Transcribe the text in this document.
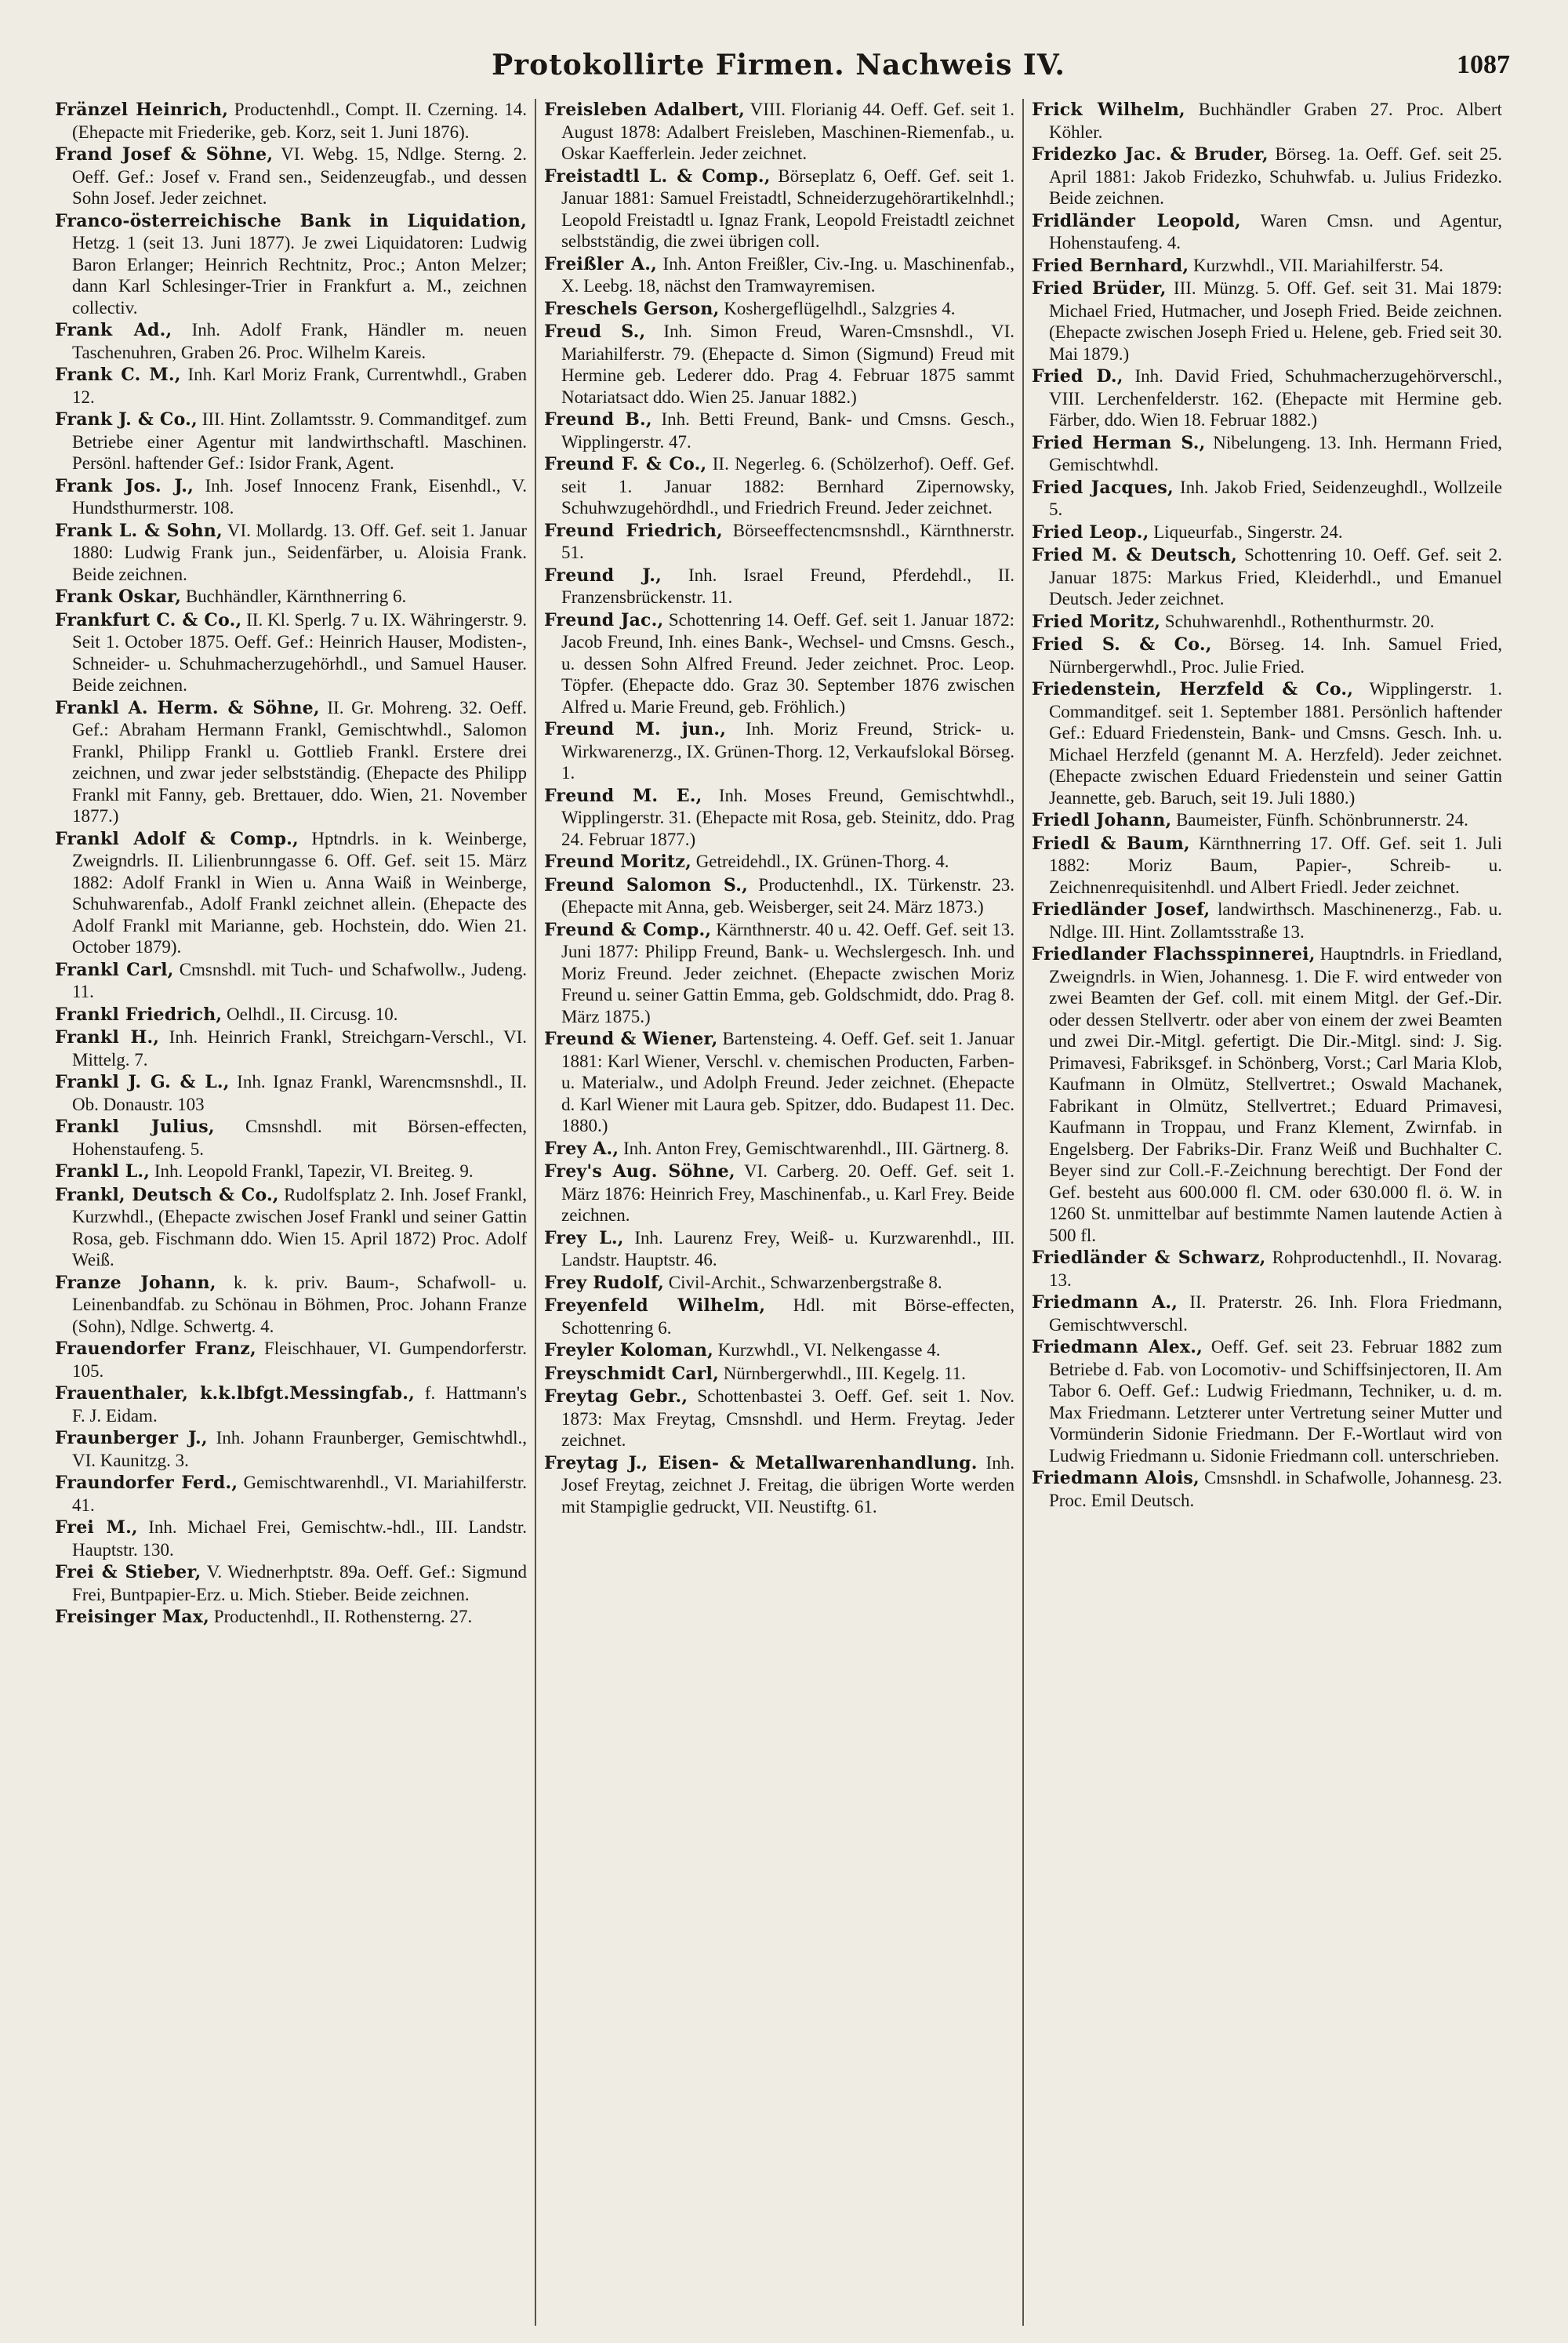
Protokollirte Firmen. Nachweis IV.	1087

Fränzel Heinrich, Productenhdl., Compt. II. Czerning. 14. (Ehepacte mit Friederike, geb. Korz, seit 1. Juni 1876).

Frand Josef & Söhne, VI. Webg. 15, Ndlge. Sterng. 2. Oeff. Gef.: Josef v. Frand sen., Seidenzeugfab., und dessen Sohn Josef. Jeder zeichnet.

Franco-österreichische Bank in Liquidation, Hetzg. 1 (seit 13. Juni 1877). Je zwei Liquidatoren: Ludwig Baron Erlanger; Heinrich Rechtnitz, Proc.; Anton Melzer; dann Karl Schlesinger-Trier in Frankfurt a. M., zeichnen collectiv.

Frank Ad., Inh. Adolf Frank, Händler m. neuen Taschenuhren, Graben 26. Proc. Wilhelm Kareis.

Frank C. M., Inh. Karl Moriz Frank, Currentwhdl., Graben 12.

Frank J. & Co., III. Hint. Zollamtsstr. 9. Commanditgef. zum Betriebe einer Agentur mit landwirthschaftl. Maschinen. Persönl. haftender Gef.: Isidor Frank, Agent.

Frank Jos. J., Inh. Josef Innocenz Frank, Eisenhdl., V. Hundsthurmerstr. 108.

Frank L. & Sohn, VI. Mollardg. 13. Off. Gef. seit 1. Januar 1880: Ludwig Frank jun., Seidenfärber, u. Aloisia Frank. Beide zeichnen.

Frank Oskar, Buchhändler, Kärnthnerring 6.

Frankfurt C. & Co., II. Kl. Sperlg. 7 u. IX. Währingerstr. 9. Seit 1. October 1875. Oeff. Gef.: Heinrich Hauser, Modisten-, Schneider- u. Schuhmacherzugehörhdl., und Samuel Hauser. Beide zeichnen.

Frankl A. Herm. & Söhne, II. Gr. Mohreng. 32. Oeff. Gef.: Abraham Hermann Frankl, Gemischtwhdl., Salomon Frankl, Philipp Frankl u. Gottlieb Frankl. Erstere drei zeichnen, und zwar jeder selbstständig. (Ehepacte des Philipp Frankl mit Fanny, geb. Brettauer, ddo. Wien, 21. November 1877.)

Frankl Adolf & Comp., Hptndrls. in k. Weinberge, Zweigndrls. II. Lilienbrunngasse 6. Off. Gef. seit 15. März 1882: Adolf Frankl in Wien u. Anna Waiß in Weinberge, Schuhwarenfab., Adolf Frankl zeichnet allein. (Ehepacte des Adolf Frankl mit Marianne, geb. Hochstein, ddo. Wien 21. October 1879).

Frankl Carl, Cmsnshdl. mit Tuch- und Schafwollw., Judeng. 11.

Frankl Friedrich, Oelhdl., II. Circusg. 10.

Frankl H., Inh. Heinrich Frankl, Streichgarn-Verschl., VI. Mittelg. 7.

Frankl J. G. & L., Inh. Ignaz Frankl, Warencmsnshdl., II. Ob. Donaustr. 103

Frankl Julius, Cmsnshdl. mit Börsen-effecten, Hohenstaufeng. 5.

Frankl L., Inh. Leopold Frankl, Tapezir, VI. Breiteg. 9.

Frankl, Deutsch & Co., Rudolfsplatz 2. Inh. Josef Frankl, Kurzwhdl., (Ehepacte zwischen Josef Frankl und seiner Gattin Rosa, geb. Fischmann ddo. Wien 15. April 1872) Proc. Adolf Weiß.

Franze Johann, k. k. priv. Baum-, Schafwoll- u. Leinenbandfab. zu Schönau in Böhmen, Proc. Johann Franze (Sohn), Ndlge. Schwertg. 4.

Frauendorfer Franz, Fleischhauer, VI. Gumpendorferstr. 105.

Frauenthaler, k.k.lbfgt.Messingfab., f. Hattmann's F. J. Eidam.

Fraunberger J., Inh. Johann Fraunberger, Gemischtwhdl., VI. Kaunitzg. 3.

Fraundorfer Ferd., Gemischtwarenhdl., VI. Mariahilferstr. 41.

Frei M., Inh. Michael Frei, Gemischtw.-hdl., III. Landstr. Hauptstr. 130.

Frei & Stieber, V. Wiednerhptstr. 89a. Oeff. Gef.: Sigmund Frei, Buntpapier-Erz. u. Mich. Stieber. Beide zeichnen.

Freisinger Max, Productenhdl., II. Rothensterng. 27.

Freisleben Adalbert, VIII. Florianig 44. Oeff. Gef. seit 1. August 1878: Adalbert Freisleben, Maschinen-Riemenfab., u. Oskar Kaefferlein. Jeder zeichnet.

Freistadtl L. & Comp., Börseplatz 6, Oeff. Gef. seit 1. Januar 1881: Samuel Freistadtl, Schneiderzugehörartikelnhdl.; Leopold Freistadtl u. Ignaz Frank, Leopold Freistadtl zeichnet selbstständig, die zwei übrigen coll.

Freißler A., Inh. Anton Freißler, Civ.-Ing. u. Maschinenfab., X. Leebg. 18, nächst den Tramwayremisen.

Freschels Gerson, Koshergeflügelhdl., Salzgries 4.

Freud S., Inh. Simon Freud, Waren-Cmsnshdl., VI. Mariahilferstr. 79. (Ehepacte d. Simon (Sigmund) Freud mit Hermine geb. Lederer ddo. Prag 4. Februar 1875 sammt Notariatsact ddo. Wien 25. Januar 1882.)

Freund B., Inh. Betti Freund, Bank- und Cmsns. Gesch., Wipplingerstr. 47.

Freund F. & Co., II. Negerleg. 6. (Schölzerhof). Oeff. Gef. seit 1. Januar 1882: Bernhard Zipernowsky, Schuhwzugehördhdl., und Friedrich Freund. Jeder zeichnet.

Freund Friedrich, Börseeffectencmsnshdl., Kärnthnerstr. 51.

Freund J., Inh. Israel Freund, Pferdehdl., II. Franzensbrückenstr. 11.

Freund Jac., Schottenring 14. Oeff. Gef. seit 1. Januar 1872: Jacob Freund, Inh. eines Bank-, Wechsel- und Cmsns. Gesch., u. dessen Sohn Alfred Freund. Jeder zeichnet. Proc. Leop. Töpfer. (Ehepacte ddo. Graz 30. September 1876 zwischen Alfred u. Marie Freund, geb. Fröhlich.)

Freund M. jun., Inh. Moriz Freund, Strick- u. Wirkwarenerzg., IX. Grünen-Thorg. 12, Verkaufslokal Börseg. 1.

Freund M. E., Inh. Moses Freund, Gemischtwhdl., Wipplingerstr. 31. (Ehepacte mit Rosa, geb. Steinitz, ddo. Prag 24. Februar 1877.)

Freund Moritz, Getreidehdl., IX. Grünen-Thorg. 4.

Freund Salomon S., Productenhdl., IX. Türkenstr. 23. (Ehepacte mit Anna, geb. Weisberger, seit 24. März 1873.)

Freund & Comp., Kärnthnerstr. 40 u. 42. Oeff. Gef. seit 13. Juni 1877: Philipp Freund, Bank- u. Wechslergesch. Inh. und Moriz Freund. Jeder zeichnet. (Ehepacte zwischen Moriz Freund u. seiner Gattin Emma, geb. Goldschmidt, ddo. Prag 8. März 1875.)

Freund & Wiener, Bartensteing. 4. Oeff. Gef. seit 1. Januar 1881: Karl Wiener, Verschl. v. chemischen Producten, Farben- u. Materialw., und Adolph Freund. Jeder zeichnet. (Ehepacte d. Karl Wiener mit Laura geb. Spitzer, ddo. Budapest 11. Dec. 1880.)

Frey A., Inh. Anton Frey, Gemischtwarenhdl., III. Gärtnerg. 8.

Frey's Aug. Söhne, VI. Carberg. 20. Oeff. Gef. seit 1. März 1876: Heinrich Frey, Maschinenfab., u. Karl Frey. Beide zeichnen.

Frey L., Inh. Laurenz Frey, Weiß- u. Kurzwarenhdl., III. Landstr. Hauptstr. 46.

Frey Rudolf, Civil-Archit., Schwarzenbergstraße 8.

Freyenfeld Wilhelm, Hdl. mit Börse-effecten, Schottenring 6.

Freyler Koloman, Kurzwhdl., VI. Nelkengasse 4.

Freyschmidt Carl, Nürnbergerwhdl., III. Kegelg. 11.

Freytag Gebr., Schottenbastei 3. Oeff. Gef. seit 1. Nov. 1873: Max Freytag, Cmsnshdl. und Herm. Freytag. Jeder zeichnet.

Freytag J., Eisen- & Metallwarenhandlung. Inh. Josef Freytag, zeichnet J. Freitag, die übrigen Worte werden mit Stampiglie gedruckt, VII. Neustiftg. 61.

Frick Wilhelm, Buchhändler Graben 27. Proc. Albert Köhler.

Fridezko Jac. & Bruder, Börseg. 1a. Oeff. Gef. seit 25. April 1881: Jakob Fridezko, Schuhwfab. u. Julius Fridezko. Beide zeichnen.

Fridländer Leopold, Waren Cmsn. und Agentur, Hohenstaufeng. 4.

Fried Bernhard, Kurzwhdl., VII. Mariahilferstr. 54.

Fried Brüder, III. Münzg. 5. Off. Gef. seit 31. Mai 1879: Michael Fried, Hutmacher, und Joseph Fried. Beide zeichnen. (Ehepacte zwischen Joseph Fried u. Helene, geb. Fried seit 30. Mai 1879.)

Fried D., Inh. David Fried, Schuhmacherzugehörverschl., VIII. Lerchenfelderstr. 162. (Ehepacte mit Hermine geb. Färber, ddo. Wien 18. Februar 1882.)

Fried Herman S., Nibelungeng. 13. Inh. Hermann Fried, Gemischtwhdl.

Fried Jacques, Inh. Jakob Fried, Seidenzeughdl., Wollzeile 5.

Fried Leop., Liqueurfab., Singerstr. 24.

Fried M. & Deutsch, Schottenring 10. Oeff. Gef. seit 2. Januar 1875: Markus Fried, Kleiderhdl., und Emanuel Deutsch. Jeder zeichnet.

Fried Moritz, Schuhwarenhdl., Rothenthurmstr. 20.

Fried S. & Co., Börseg. 14. Inh. Samuel Fried, Nürnbergerwhdl., Proc. Julie Fried.

Friedenstein, Herzfeld & Co., Wipplingerstr. 1. Commanditgef. seit 1. September 1881. Persönlich haftender Gef.: Eduard Friedenstein, Bank- und Cmsns. Gesch. Inh. u. Michael Herzfeld (genannt M. A. Herzfeld). Jeder zeichnet. (Ehepacte zwischen Eduard Friedenstein und seiner Gattin Jeannette, geb. Baruch, seit 19. Juli 1880.)

Friedl Johann, Baumeister, Fünfh. Schönbrunnerstr. 24.

Friedl & Baum, Kärnthnerring 17. Off. Gef. seit 1. Juli 1882: Moriz Baum, Papier-, Schreib- u. Zeichnenrequisitenhdl. und Albert Friedl. Jeder zeichnet.

Friedländer Josef, landwirthsch. Maschinenerzg., Fab. u. Ndlge. III. Hint. Zollamtsstraße 13.

Friedlander Flachsspinnerei, Hauptndrls. in Friedland, Zweigndrls. in Wien, Johannesg. 1. Die F. wird entweder von zwei Beamten der Gef. coll. mit einem Mitgl. der Gef.-Dir. oder dessen Stellvertr. oder aber von einem der zwei Beamten und zwei Dir.-Mitgl. gefertigt. Die Dir.-Mitgl. sind: J. Sig. Primavesi, Fabriksgef. in Schönberg, Vorst.; Carl Maria Klob, Kaufmann in Olmütz, Stellvertret.; Oswald Machanek, Fabrikant in Olmütz, Stellvertret.; Eduard Primavesi, Kaufmann in Troppau, und Franz Klement, Zwirnfab. in Engelsberg. Der Fabriks-Dir. Franz Weiß und Buchhalter C. Beyer sind zur Coll.-F.-Zeichnung berechtigt. Der Fond der Gef. besteht aus 600.000 fl. CM. oder 630.000 fl. ö. W. in 1260 St. unmittelbar auf bestimmte Namen lautende Actien à 500 fl.

Friedländer & Schwarz, Rohproductenhdl., II. Novarag. 13.

Friedmann A., II. Praterstr. 26. Inh. Flora Friedmann, Gemischtwverschl.

Friedmann Alex., Oeff. Gef. seit 23. Februar 1882 zum Betriebe d. Fab. von Locomotiv- und Schiffsinjectoren, II. Am Tabor 6. Oeff. Gef.: Ludwig Friedmann, Techniker, u. d. m. Max Friedmann. Letzterer unter Vertretung seiner Mutter und Vormünderin Sidonie Friedmann. Der F.-Wortlaut wird von Ludwig Friedmann u. Sidonie Friedmann coll. unterschrieben.

Friedmann Alois, Cmsnshdl. in Schafwolle, Johannesg. 23. Proc. Emil Deutsch.
